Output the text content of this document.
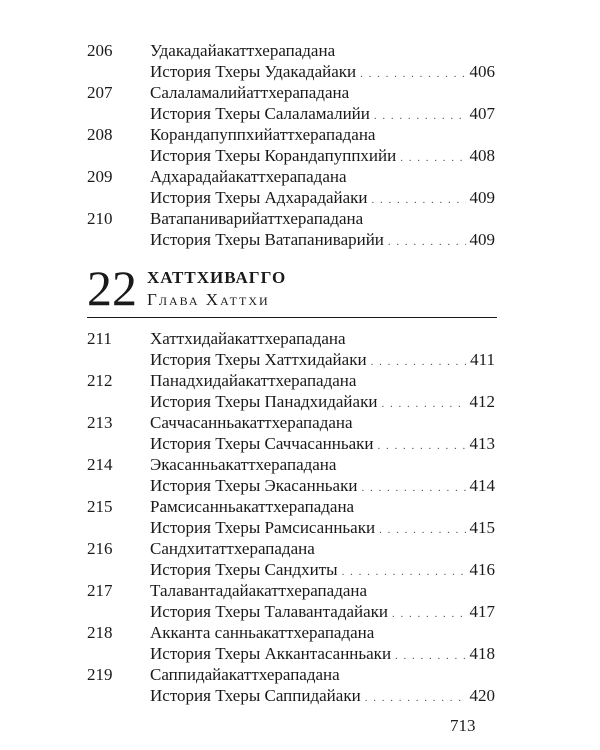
206 Удакадайакаттхерападана
История Тхеры Удакадайаки . . .	406
207 Салаламалийаттхерападана
История Тхеры Салаламалийи . . .	407
208 Корандапуппхийаттхерападана
История Тхеры Корандапуппхийи . . .	408
209 Адхарадайакаттхерападана
История Тхеры Адхарадайаки . . .	409
210 Ватапаниварийаттхерападана
История Тхеры Ватапаниварийи . . .	409
22 ХАТТХИВАГГО
Глава Хаттхи
211 Хаттхидайакаттхерападана
История Тхеры Хаттхидайаки . . .	411
212 Панадхидайакаттхерападана
История Тхеры Панадхидайаки . . .	412
213 Саччасанньакаттхерападана
История Тхеры Саччасанньаки . . .	413
214 Экасанньакаттхерападана
История Тхеры Экасанньаки . . .	414
215 Рамсисанньакаттхерападана
История Тхеры Рамсисанньаки . . .	415
216 Сандхитаттхерападана
История Тхеры Сандхиты . . .	416
217 Талавантадайакаттхерападана
История Тхеры Талавантадайаки . . .	417
218 Акканта санньакаттхерападана
История Тхеры Аккантасанньаки . . .	418
219 Саппидайакаттхерападана
История Тхеры Саппидайаки . . .	420
713
